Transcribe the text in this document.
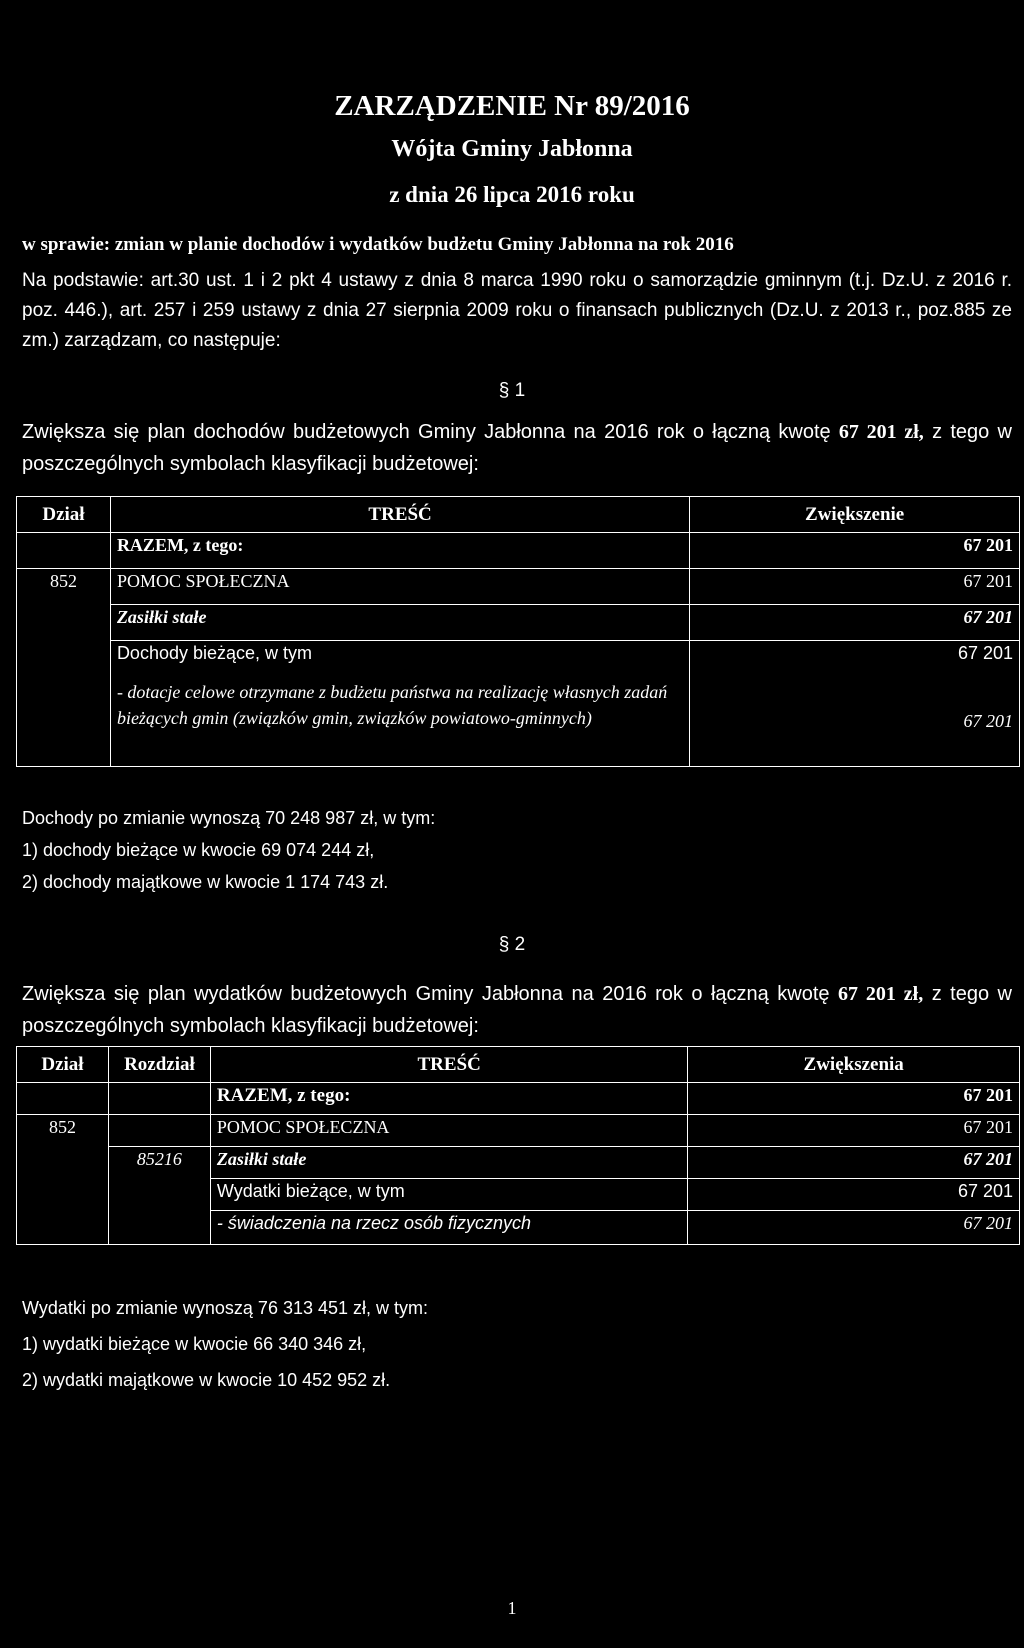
ZARZĄDZENIE Nr 89/2016
Wójta Gminy Jabłonna
z dnia 26 lipca 2016 roku
w sprawie: zmian w planie dochodów i wydatków budżetu Gminy Jabłonna na rok 2016
Na podstawie: art.30 ust. 1 i 2 pkt 4 ustawy z dnia 8 marca 1990 roku o samorządzie gminnym (t.j. Dz.U. z 2016 r. poz. 446.), art. 257 i 259 ustawy z dnia 27 sierpnia 2009 roku o finansach publicznych (Dz.U. z 2013 r., poz.885 ze zm.) zarządzam, co następuje:
§ 1
Zwiększa się plan dochodów budżetowych Gminy Jabłonna na 2016 rok o łączną kwotę 67 201 zł, z tego w poszczególnych symbolach klasyfikacji budżetowej:
Dział	TREŚĆ	Zwiększenie
	RAZEM, z tego:	67 201
852	POMOC SPOŁECZNA	67 201
	Zasiłki stałe	67 201
	Dochody bieżące, w tym	67 201
	- dotacje celowe otrzymane z budżetu państwa na realizację własnych zadań bieżących gmin (związków gmin, związków powiatowo-gminnych)	67 201
Dochody po zmianie wynoszą 70 248 987 zł, w tym:
1) dochody bieżące w kwocie 69 074 244 zł,
2) dochody majątkowe w kwocie 1 174 743 zł.
§ 2
Zwiększa się plan wydatków budżetowych Gminy Jabłonna na 2016 rok o łączną kwotę 67 201 zł, z tego w poszczególnych symbolach klasyfikacji budżetowej:
Dział	Rozdział	TREŚĆ	Zwiększenia
		RAZEM, z tego:	67 201
852		POMOC SPOŁECZNA	67 201
	85216	Zasiłki stałe	67 201
		Wydatki bieżące, w tym	67 201
		- świadczenia na rzecz osób fizycznych	67 201
Wydatki po zmianie wynoszą 76 313 451 zł, w tym:
1) wydatki bieżące w kwocie 66 340 346 zł,
2) wydatki majątkowe w kwocie 10 452 952 zł.
1
